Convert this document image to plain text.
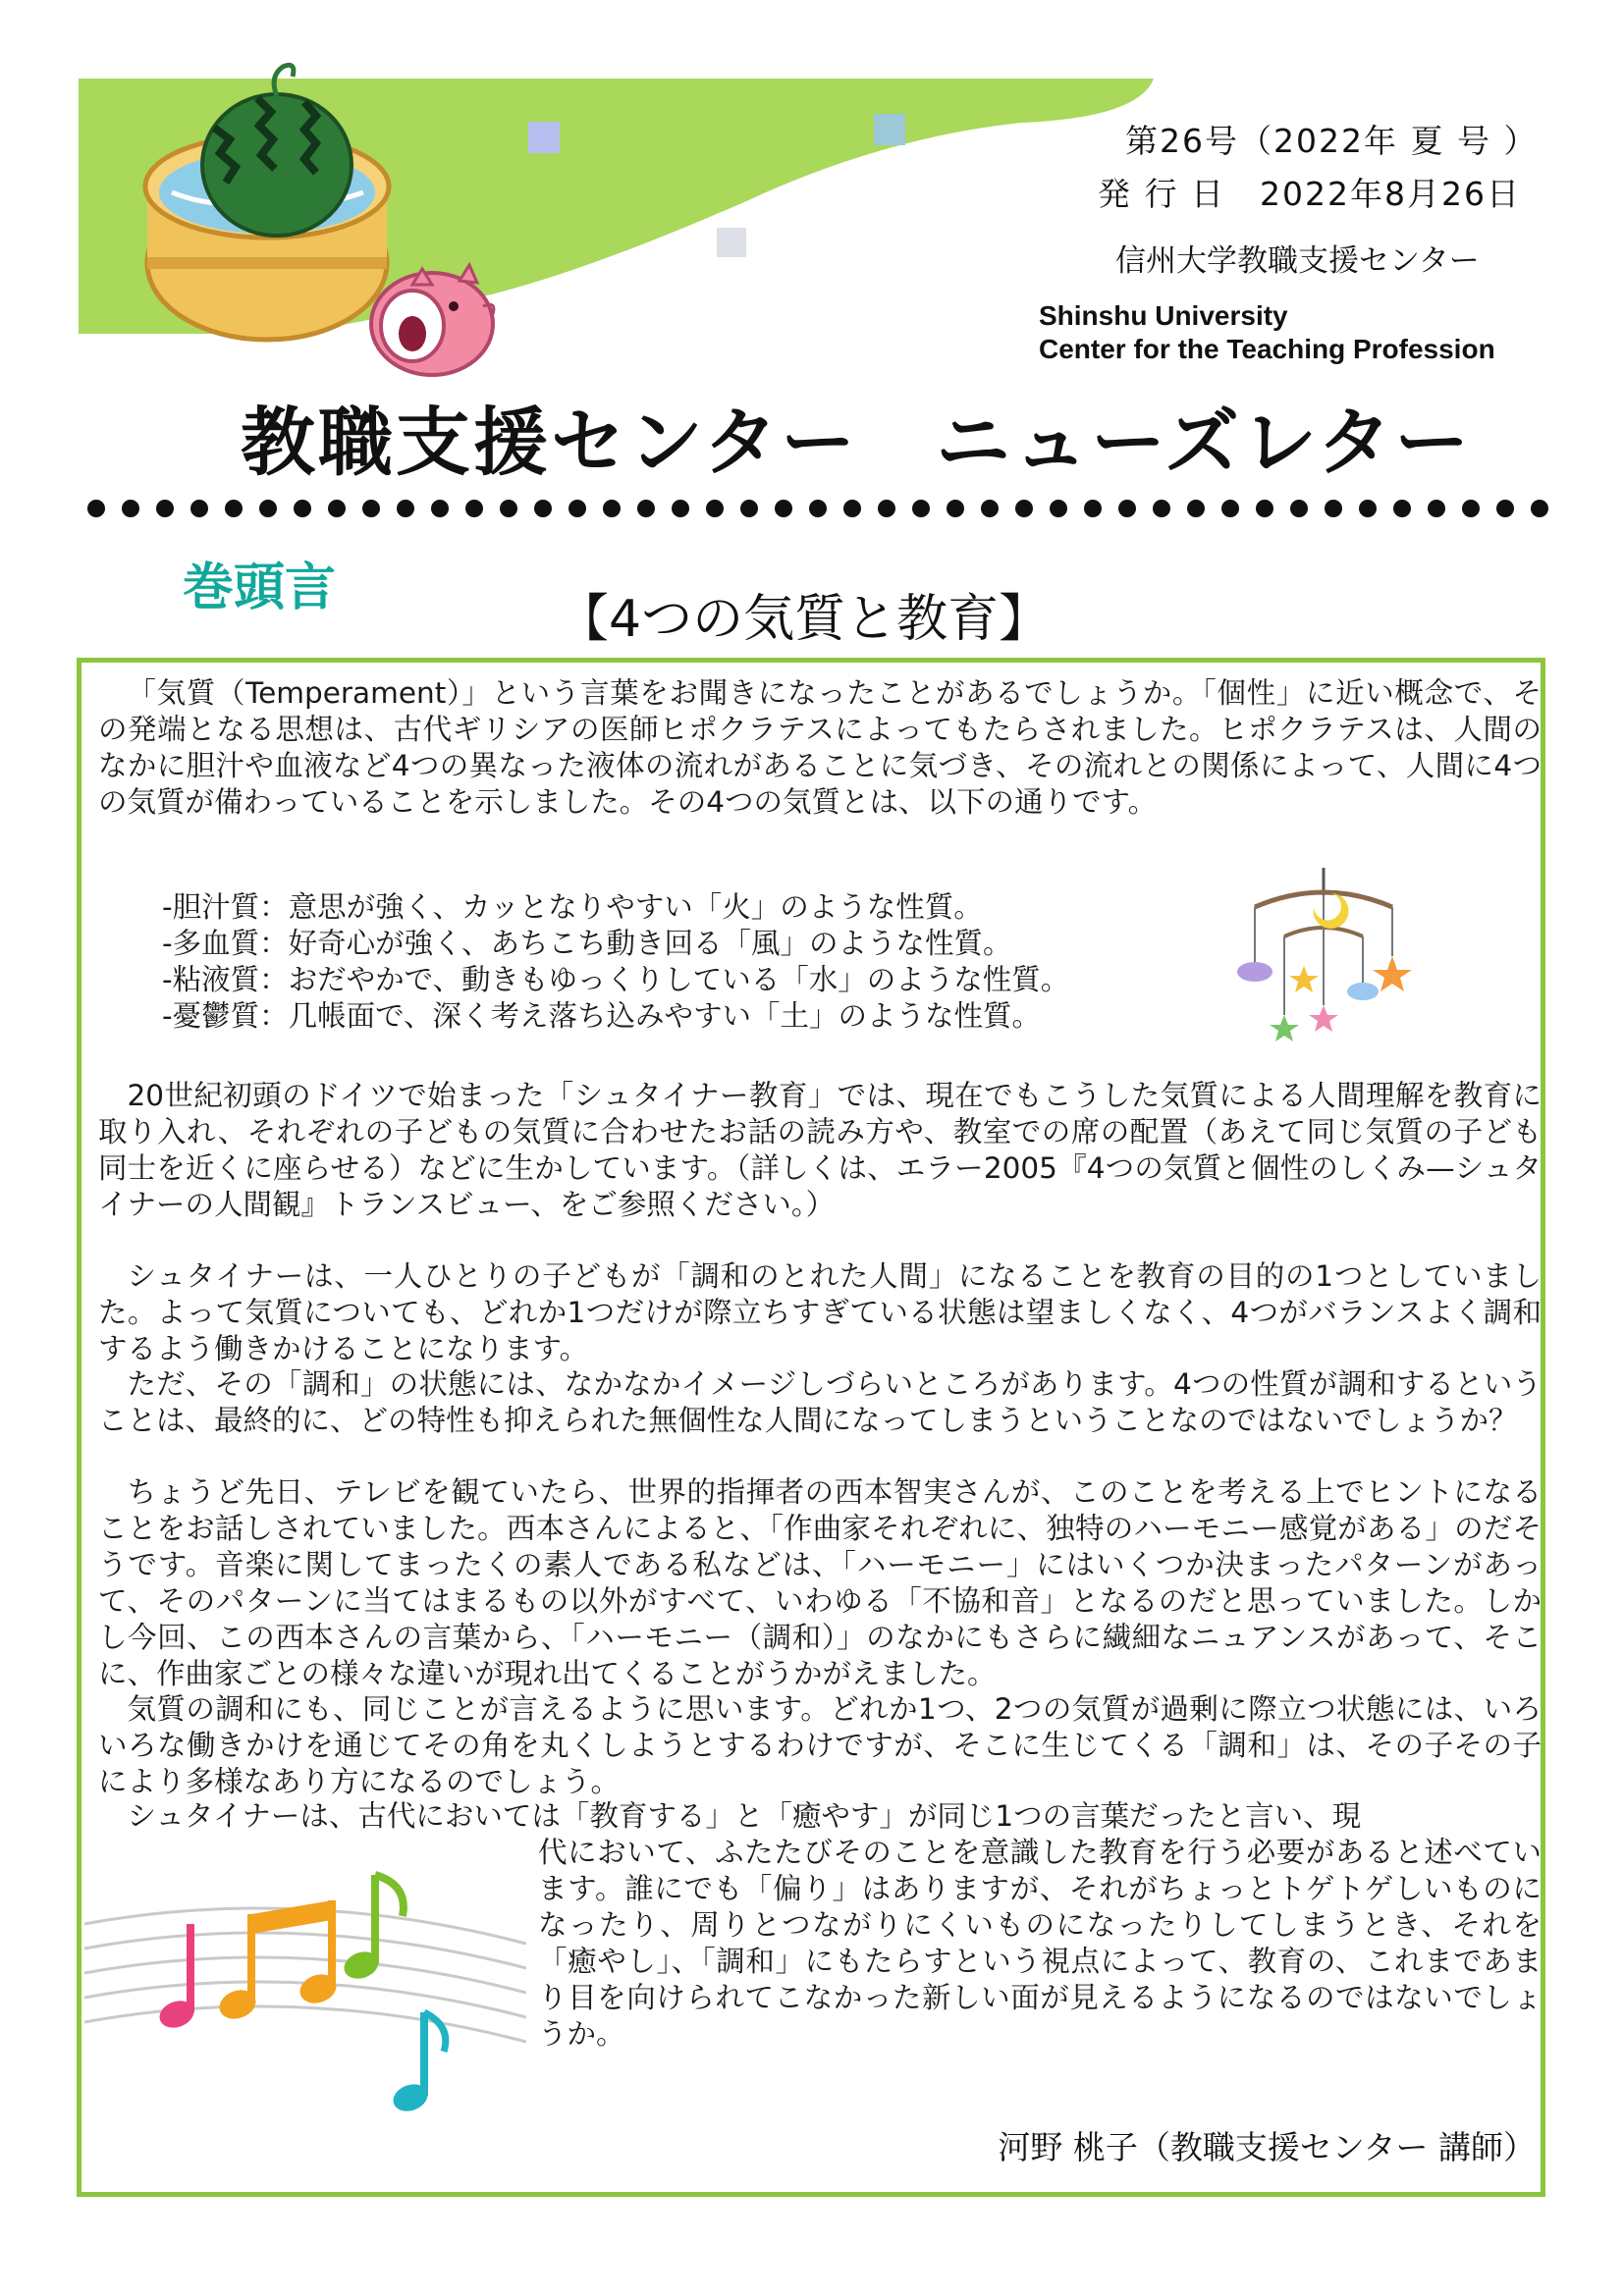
第26号（2022年 夏 号 ）
発 行 日　2022年8月26日
信州大学教職支援センター
Shinshu University
Center for the Teaching Profession
教職支援センター　ニューズレター
巻頭言
【4つの気質と教育】

「気質（Temperament）」という言葉をお聞きになったことがあるでしょうか。「個性」に近い概念で、その発端となる思想は、古代ギリシアの医師ヒポクラテスによってもたらされました。ヒポクラテスは、人間のなかに胆汁や血液など4つの異なった液体の流れがあることに気づき、その流れとの関係によって、人間に4つの気質が備わっていることを示しました。その4つの気質とは、以下の通りです。

-胆汁質：意思が強く、カッとなりやすい「火」のような性質。
-多血質：好奇心が強く、あちこち動き回る「風」のような性質。
-粘液質：おだやかで、動きもゆっくりしている「水」のような性質。
-憂鬱質：几帳面で、深く考え落ち込みやすい「土」のような性質。

20世紀初頭のドイツで始まった「シュタイナー教育」では、現在でもこうした気質による人間理解を教育に取り入れ、それぞれの子どもの気質に合わせたお話の読み方や、教室での席の配置（あえて同じ気質の子ども同士を近くに座らせる）などに生かしています。（詳しくは、エラー2005『4つの気質と個性のしくみ—シュタイナーの人間観』トランスビュー、をご参照ください。）

シュタイナーは、一人ひとりの子どもが「調和のとれた人間」になることを教育の目的の1つとしていました。よって気質についても、どれか1つだけが際立ちすぎている状態は望ましくなく、4つがバランスよく調和するよう働きかけることになります。

ただ、その「調和」の状態には、なかなかイメージしづらいところがあります。4つの性質が調和するということは、最終的に、どの特性も抑えられた無個性な人間になってしまうということなのではないでしょうか？

ちょうど先日、テレビを観ていたら、世界的指揮者の西本智実さんが、このことを考える上でヒントになることをお話しされていました。西本さんによると、「作曲家それぞれに、独特のハーモニー感覚がある」のだそうです。音楽に関してまったくの素人である私などは、「ハーモニー」にはいくつか決まったパターンがあって、そのパターンに当てはまるもの以外がすべて、いわゆる「不協和音」となるのだと思っていました。しかし今回、この西本さんの言葉から、「ハーモニー（調和）」のなかにもさらに繊細なニュアンスがあって、そこに、作曲家ごとの様々な違いが現れ出てくることがうかがえました。

気質の調和にも、同じことが言えるように思います。どれか1つ、2つの気質が過剰に際立つ状態には、いろいろな働きかけを通じてその角を丸くしようとするわけですが、そこに生じてくる「調和」は、その子その子により多様なあり方になるのでしょう。

シュタイナーは、古代においては「教育する」と「癒やす」が同じ1つの言葉だったと言い、現

代において、ふたたびそのことを意識した教育を行う必要があると述べています。誰にでも「偏り」はありますが、それがちょっとトゲトゲしいものになったり、周りとつながりにくいものになったりしてしまうとき、それを「癒やし」、「調和」にもたらすという視点によって、教育の、これまであまり目を向けられてこなかった新しい面が見えるようになるのではないでしょうか。

河野 桃子（教職支援センター 講師）
